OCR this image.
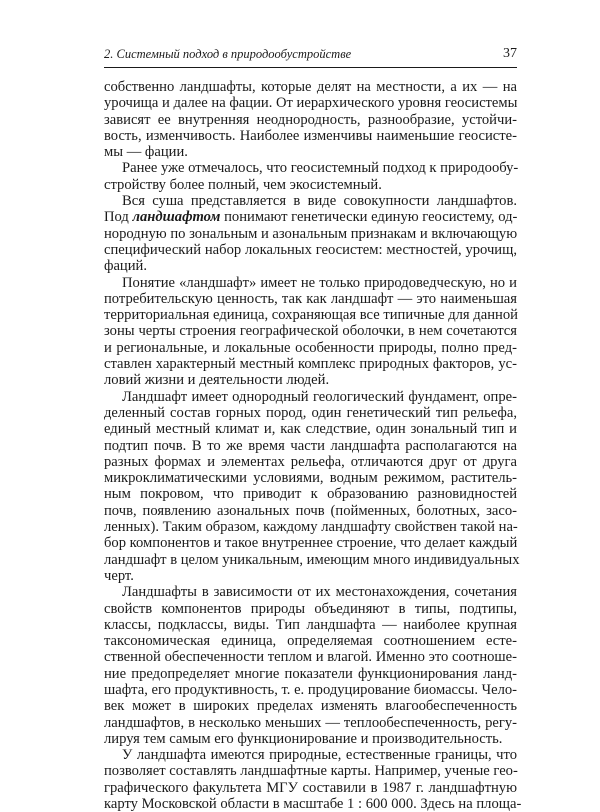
2. Системный подход в природообустройстве	37
собственно ландшафты, которые делят на местности, а их — на
урочища и далее на фации. От иерархического уровня геосистемы
зависят ее внутренняя неоднородность, разнообразие, устойчи-
вость, изменчивость. Наиболее изменчивы наименьшие геосисте-
мы — фации.
Ранее уже отмечалось, что геосистемный подход к природообу-
стройству более полный, чем экосистемный.
Вся суша представляется в виде совокупности ландшафтов.
Под ландшафтом понимают генетически единую геосистему, од-
нородную по зональным и азональным признакам и включающую
специфический набор локальных геосистем: местностей, урочищ,
фаций.
Понятие «ландшафт» имеет не только природоведческую, но и
потребительскую ценность, так как ландшафт — это наименьшая
территориальная единица, сохраняющая все типичные для данной
зоны черты строения географической оболочки, в нем сочетаются
и региональные, и локальные особенности природы, полно пред-
ставлен характерный местный комплекс природных факторов, ус-
ловий жизни и деятельности людей.
Ландшафт имеет однородный геологический фундамент, опре-
деленный состав горных пород, один генетический тип рельефа,
единый местный климат и, как следствие, один зональный тип и
подтип почв. В то же время части ландшафта располагаются на
разных формах и элементах рельефа, отличаются друг от друга
микроклиматическими условиями, водным режимом, раститель-
ным покровом, что приводит к образованию разновидностей
почв, появлению азональных почв (пойменных, болотных, засо-
ленных). Таким образом, каждому ландшафту свойствен такой на-
бор компонентов и такое внутреннее строение, что делает каждый
ландшафт в целом уникальным, имеющим много индивидуальных
черт.
Ландшафты в зависимости от их местонахождения, сочетания
свойств компонентов природы объединяют в типы, подтипы,
классы, подклассы, виды. Тип ландшафта — наиболее крупная
таксономическая единица, определяемая соотношением есте-
ственной обеспеченности теплом и влагой. Именно это соотноше-
ние предопределяет многие показатели функционирования ланд-
шафта, его продуктивность, т. е. продуцирование биомассы. Чело-
век может в широких пределах изменять влагообеспеченность
ландшафтов, в несколько меньших — теплообеспеченность, регу-
лируя тем самым его функционирование и производительность.
У ландшафта имеются природные, естественные границы, что
позволяет составлять ландшафтные карты. Например, ученые гео-
графического факультета МГУ составили в 1987 г. ландшафтную
карту Московской области в масштабе 1 : 600 000. Здесь на площа-
